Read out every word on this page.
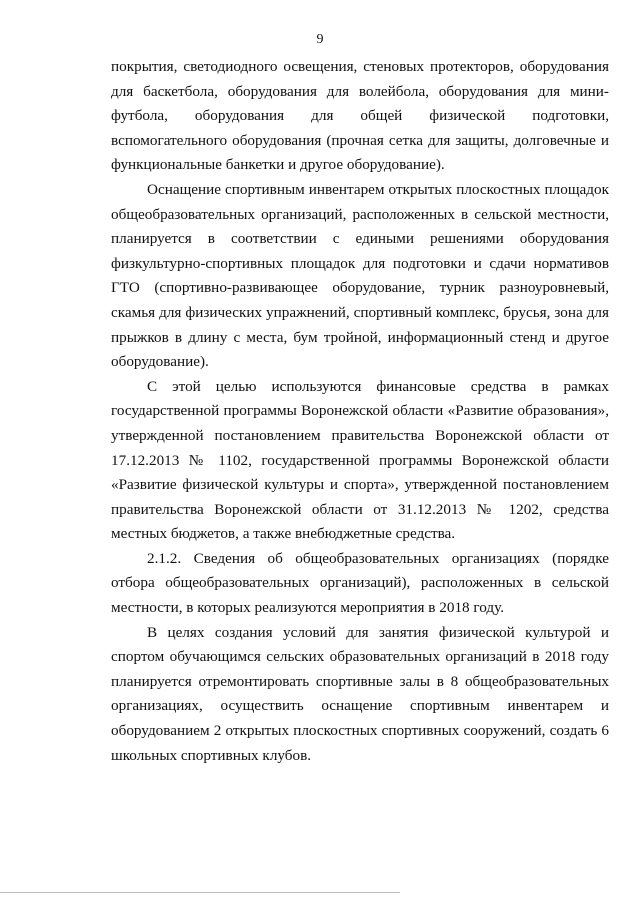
9

покрытия, светодиодного освещения, стеновых протекторов, оборудования для баскетбола, оборудования для волейбола, оборудования для мини-футбола, оборудования для общей физической подготовки, вспомогательного оборудования (прочная сетка для защиты, долговечные и функциональные банкетки и другое оборудование).

Оснащение спортивным инвентарем открытых плоскостных площадок общеобразовательных организаций, расположенных в сельской местности, планируется в соответствии с едиными решениями оборудования физкультурно-спортивных площадок для подготовки и сдачи нормативов ГТО (спортивно-развивающее оборудование, турник разноуровневый, скамья для физических упражнений, спортивный комплекс, брусья, зона для прыжков в длину с места, бум тройной, информационный стенд и другое оборудование).

С этой целью используются финансовые средства в рамках государственной программы Воронежской области «Развитие образования», утвержденной постановлением правительства Воронежской области от 17.12.2013 № 1102, государственной программы Воронежской области «Развитие физической культуры и спорта», утвержденной постановлением правительства Воронежской области от 31.12.2013 № 1202, средства местных бюджетов, а также внебюджетные средства.

2.1.2. Сведения об общеобразовательных организациях (порядке отбора общеобразовательных организаций), расположенных в сельской местности, в которых реализуются мероприятия в 2018 году.

В целях создания условий для занятия физической культурой и спортом обучающимся сельских образовательных организаций в 2018 году планируется отремонтировать спортивные залы в 8 общеобразовательных организациях, осуществить оснащение спортивным инвентарем и оборудованием 2 открытых плоскостных спортивных сооружений, создать 6 школьных спортивных клубов.
